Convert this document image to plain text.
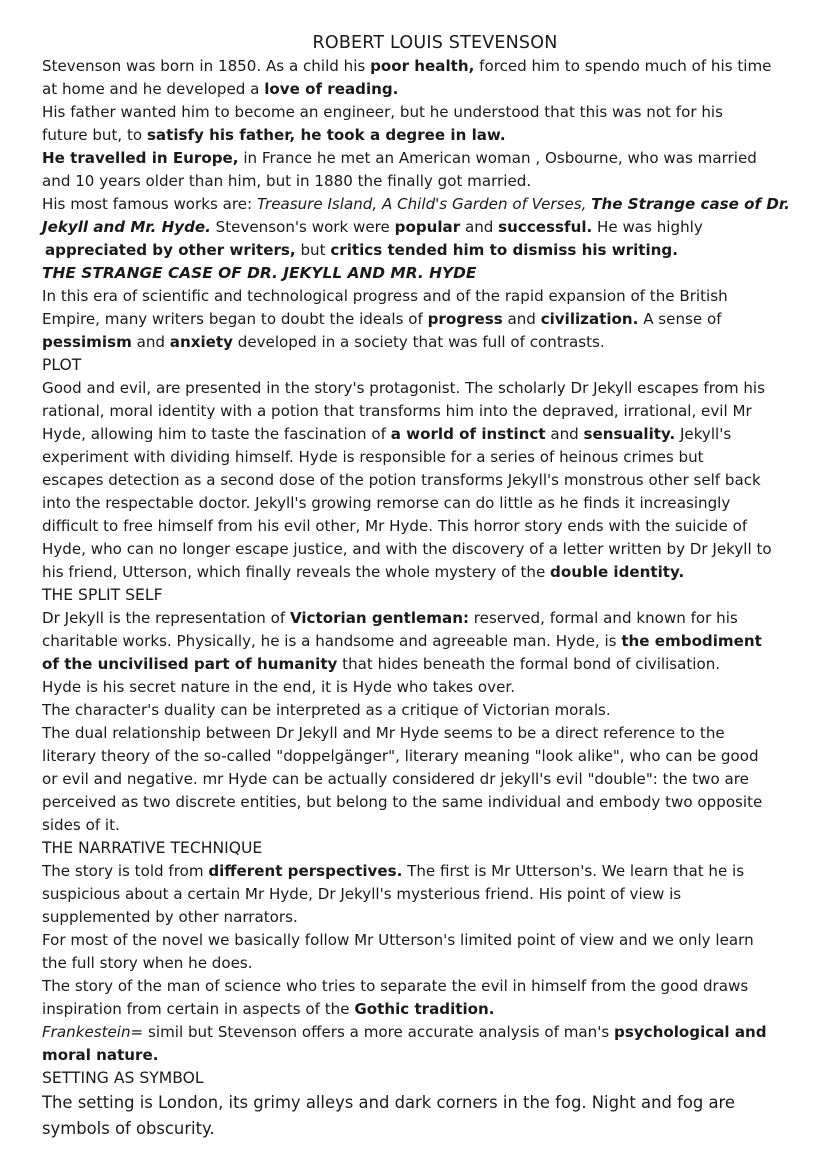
ROBERT LOUIS STEVENSON

Stevenson was born in 1850. As a child his poor health, forced him to spendo much of his time

at home and he developed a love of reading.

His father wanted him to become an engineer, but he understood that this was not for his

future but, to satisfy his father, he took a degree in law.

He travelled in Europe, in France he met an American woman , Osbourne, who was married

and 10 years older than him, but in 1880 the finally got married.

His most famous works are: Treasure Island, A Child's Garden of Verses, The Strange case of Dr.

Jekyll and Mr. Hyde. Stevenson's work were popular and successful. He was highly

appreciated by other writers, but critics tended him to dismiss his writing.

THE STRANGE CASE OF DR. JEKYLL AND MR. HYDE

In this era of scientific and technological progress and of the rapid expansion of the British

Empire, many writers began to doubt the ideals of progress and civilization. A sense of

pessimism and anxiety developed in a society that was full of contrasts.

PLOT

Good and evil, are presented in the story's protagonist. The scholarly Dr Jekyll escapes from his

rational, moral identity with a potion that transforms him into the depraved, irrational, evil Mr

Hyde, allowing him to taste the fascination of a world of instinct and sensuality. Jekyll's

experiment with dividing himself. Hyde is responsible for a series of heinous crimes but

escapes detection as a second dose of the potion transforms Jekyll's monstrous other self back

into the respectable doctor. Jekyll's growing remorse can do little as he finds it increasingly

difficult to free himself from his evil other, Mr Hyde. This horror story ends with the suicide of

Hyde, who can no longer escape justice, and with the discovery of a letter written by Dr Jekyll to

his friend, Utterson, which finally reveals the whole mystery of the double identity.

THE SPLIT SELF

Dr Jekyll is the representation of Victorian gentleman: reserved, formal and known for his

charitable works. Physically, he is a handsome and agreeable man. Hyde, is the embodiment

of the uncivilised part of humanity that hides beneath the formal bond of civilisation.

Hyde is his secret nature in the end, it is Hyde who takes over.

The character's duality can be interpreted as a critique of Victorian morals.

The dual relationship between Dr Jekyll and Mr Hyde seems to be a direct reference to the

literary theory of the so-called "doppelgänger", literary meaning "look alike", who can be good

or evil and negative. mr Hyde can be actually considered dr jekyll's evil "double": the two are

perceived as two discrete entities, but belong to the same individual and embody two opposite

sides of it.

THE NARRATIVE TECHNIQUE

The story is told from different perspectives. The first is Mr Utterson's. We learn that he is

suspicious about a certain Mr Hyde, Dr Jekyll's mysterious friend. His point of view is

supplemented by other narrators.

For most of the novel we basically follow Mr Utterson's limited point of view and we only learn

the full story when he does.

The story of the man of science who tries to separate the evil in himself from the good draws

inspiration from certain in aspects of the Gothic tradition.

Frankestein= simil but Stevenson offers a more accurate analysis of man's psychological and

moral nature.

SETTING AS SYMBOL

The setting is London, its grimy alleys and dark corners in the fog. Night and fog are

symbols of obscurity.
